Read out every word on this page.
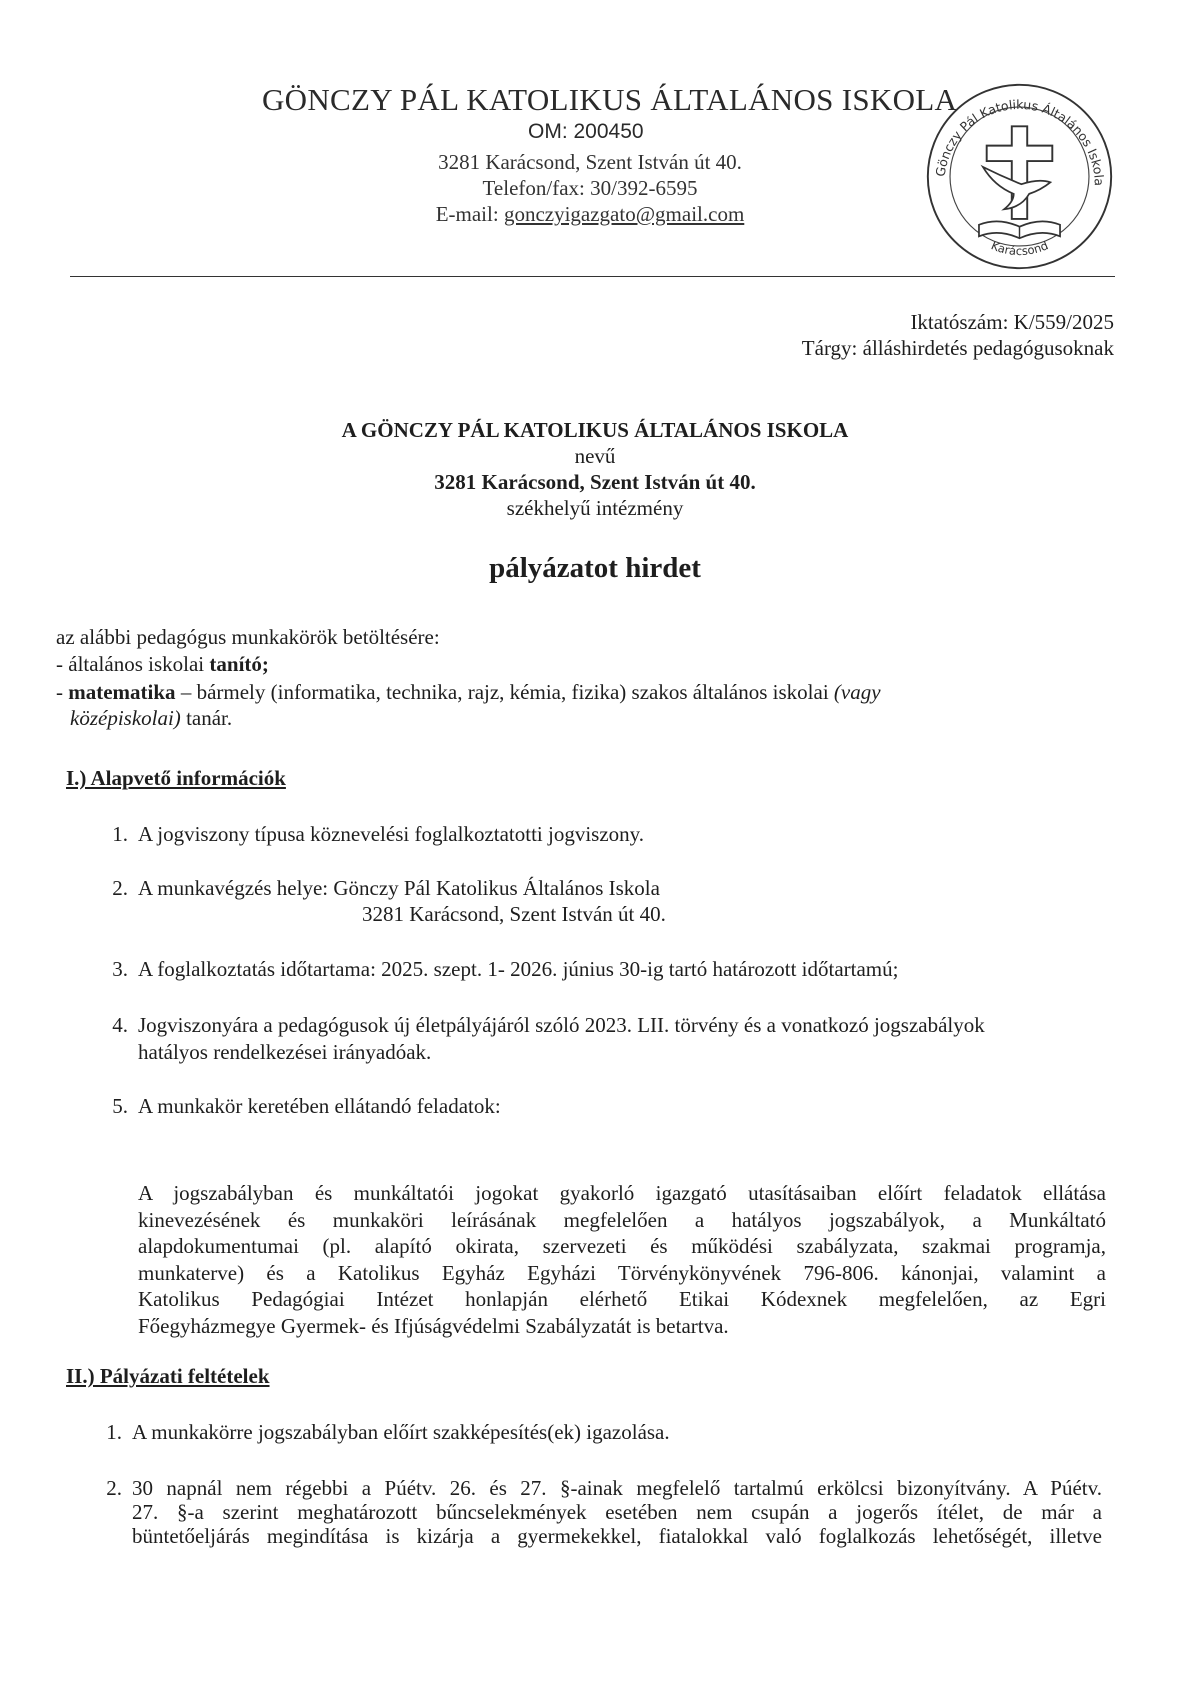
GÖNCZY PÁL KATOLIKUS ÁLTALÁNOS ISKOLA
OM: 200450
3281 Karácsond, Szent István út 40.
Telefon/fax: 30/392-6595
E-mail: gonczyigazgato@gmail.com
Gönczy Pál Katolikus Általános Iskola
Karácsond
Iktatószám: K/559/2025
Tárgy: álláshirdetés pedagógusoknak
A GÖNCZY PÁL KATOLIKUS ÁLTALÁNOS ISKOLA
nevű
3281 Karácsond, Szent István út 40.
székhelyű intézmény
pályázatot hirdet
az alábbi pedagógus munkakörök betöltésére:
- általános iskolai tanító;
- matematika – bármely (informatika, technika, rajz, kémia, fizika) szakos általános iskolai (vagy
középiskolai) tanár.
I.) Alapvető információk
1. A jogviszony típusa köznevelési foglalkoztatotti jogviszony.
2. A munkavégzés helye: Gönczy Pál Katolikus Általános Iskola
3281 Karácsond, Szent István út 40.
3. A foglalkoztatás időtartama: 2025. szept. 1- 2026. június 30-ig tartó határozott időtartamú;
4. Jogviszonyára a pedagógusok új életpályájáról szóló 2023. LII. törvény és a vonatkozó jogszabályok
hatályos rendelkezései irányadóak.
5. A munkakör keretében ellátandó feladatok:
A jogszabályban és munkáltatói jogokat gyakorló igazgató utasításaiban előírt feladatok ellátása
kinevezésének és munkaköri leírásának megfelelően a hatályos jogszabályok, a Munkáltató
alapdokumentumai (pl. alapító okirata, szervezeti és működési szabályzata, szakmai programja,
munkaterve) és a Katolikus Egyház Egyházi Törvénykönyvének 796-806. kánonjai, valamint a
Katolikus Pedagógiai Intézet honlapján elérhető Etikai Kódexnek megfelelően, az Egri
Főegyházmegye Gyermek- és Ifjúságvédelmi Szabályzatát is betartva.
II.) Pályázati feltételek
1. A munkakörre jogszabályban előírt szakképesítés(ek) igazolása.
2. 30 napnál nem régebbi a Púétv. 26. és 27. §-ainak megfelelő tartalmú erkölcsi bizonyítvány. A Púétv.
27. §-a szerint meghatározott bűncselekmények esetében nem csupán a jogerős ítélet, de már a
büntetőeljárás megindítása is kizárja a gyermekekkel, fiatalokkal való foglalkozás lehetőségét, illetve
